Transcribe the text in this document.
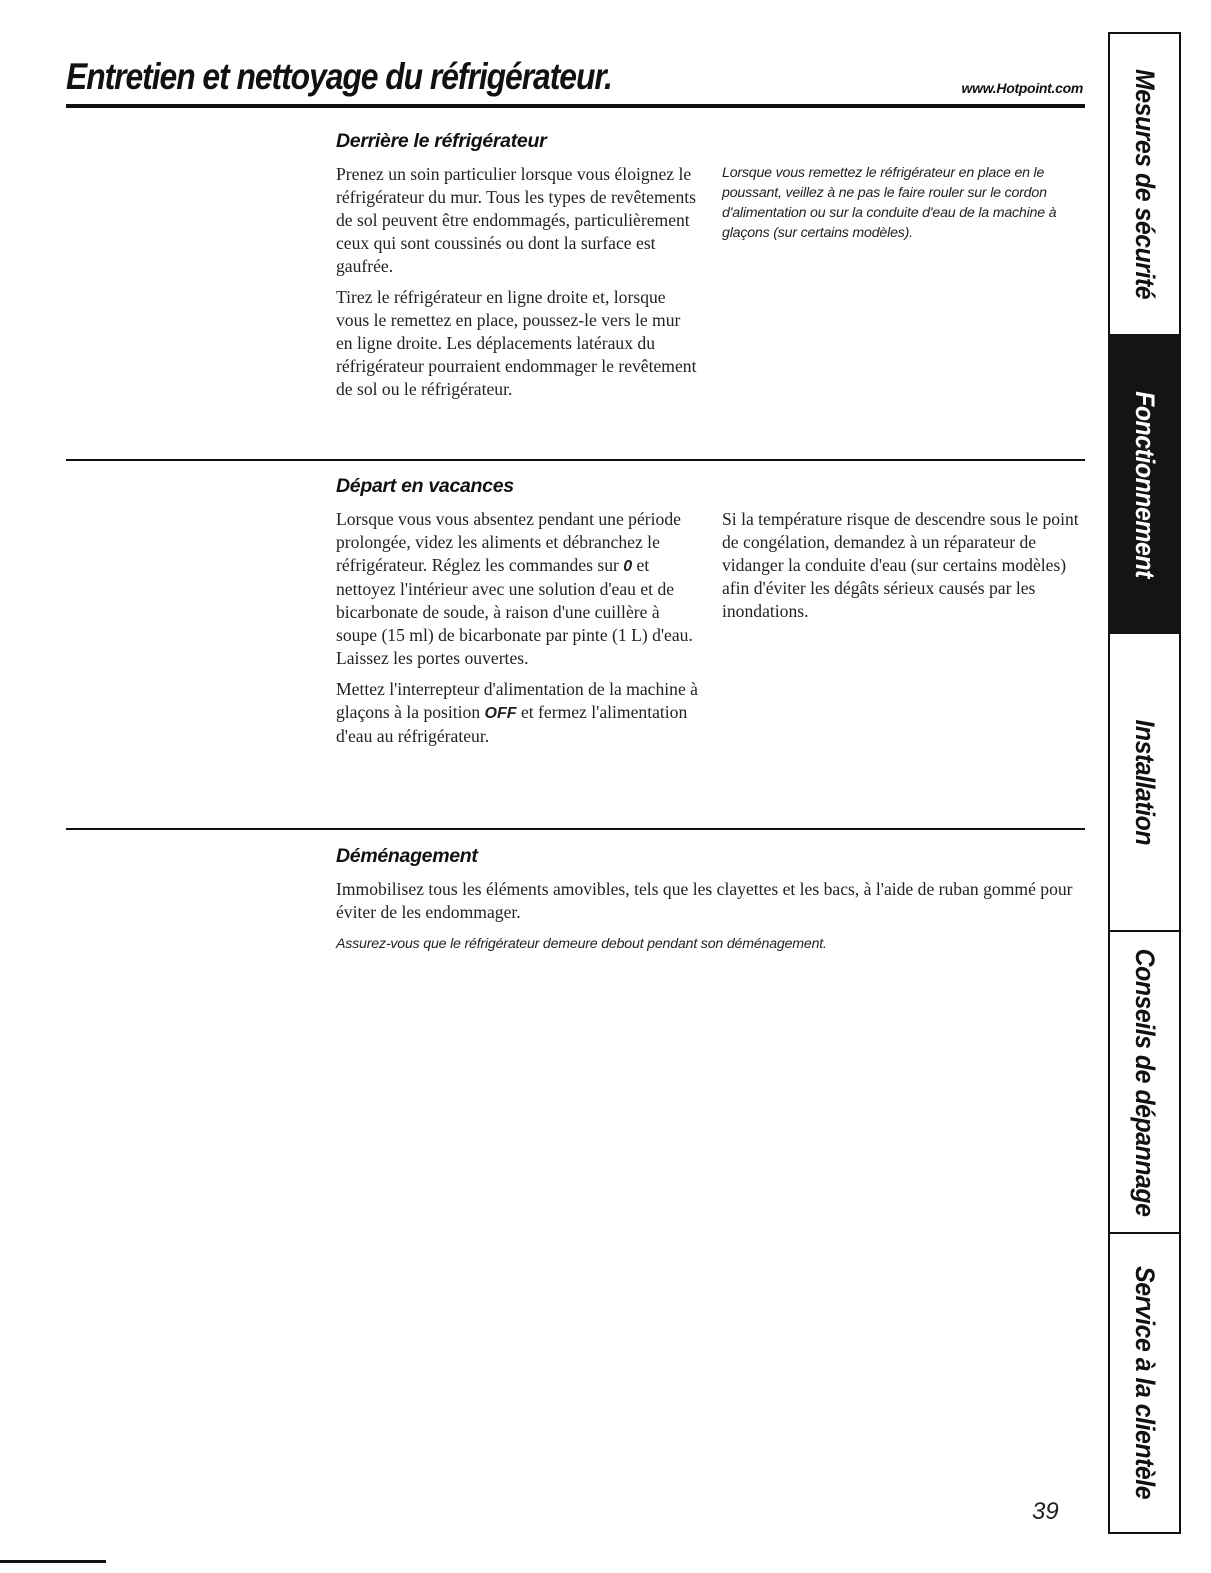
Entretien et nettoyage du réfrigérateur.	www.Hotpoint.com
Derrière le réfrigérateur

Prenez un soin particulier lorsque vous éloignez le réfrigérateur du mur. Tous les types de revêtements de sol peuvent être endommagés, particulièrement ceux qui sont coussinés ou dont la surface est gaufrée.

Tirez le réfrigérateur en ligne droite et, lorsque vous le remettez en place, poussez-le vers le mur en ligne droite. Les déplacements latéraux du réfrigérateur pourraient endommager le revêtement de sol ou le réfrigérateur.

Lorsque vous remettez le réfrigérateur en place en le poussant, veillez à ne pas le faire rouler sur le cordon d'alimentation ou sur la conduite d'eau de la machine à glaçons (sur certains modèles).

Départ en vacances

Lorsque vous vous absentez pendant une période prolongée, videz les aliments et débranchez le réfrigérateur. Réglez les commandes sur 0 et nettoyez l'intérieur avec une solution d'eau et de bicarbonate de soude, à raison d'une cuillère à soupe (15 ml) de bicarbonate par pinte (1 L) d'eau. Laissez les portes ouvertes.

Mettez l'interrepteur d'alimentation de la machine à glaçons à la position OFF et fermez l'alimentation d'eau au réfrigérateur.

Si la température risque de descendre sous le point de congélation, demandez à un réparateur de vidanger la conduite d'eau (sur certains modèles) afin d'éviter les dégâts sérieux causés par les inondations.

Déménagement

Immobilisez tous les éléments amovibles, tels que les clayettes et les bacs, à l'aide de ruban gommé pour éviter de les endommager.

Assurez-vous que le réfrigérateur demeure debout pendant son déménagement.

39
Mesures de sécurité
Fonctionnement
Installation
Conseils de dépannage
Service à la clientèle
